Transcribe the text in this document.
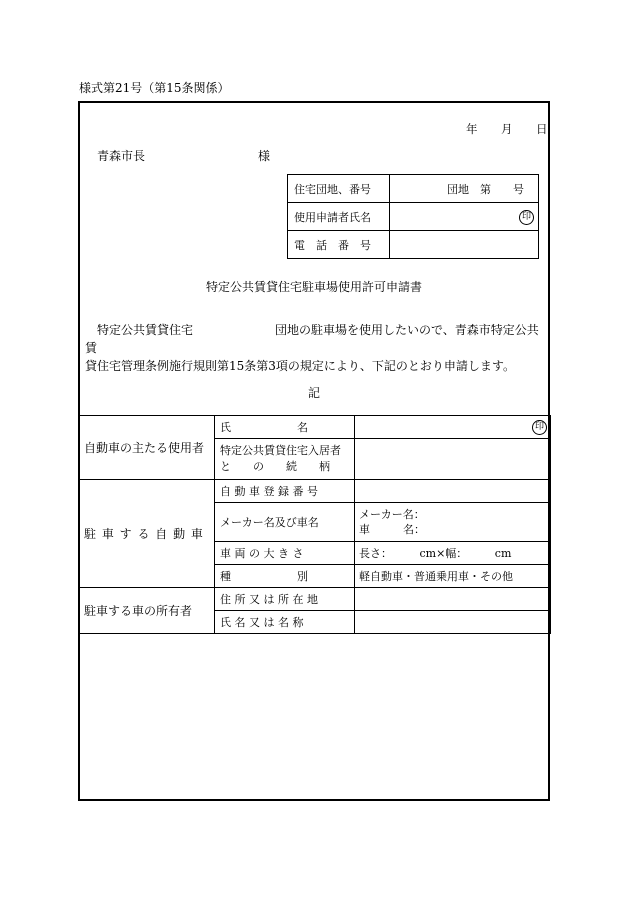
様式第21号（第15条関係）
年 月 日
青森市長	様
住宅団地、番号	団地　第　　号
使用申請者氏名	印
電　話　番　号	
特定公共賃貸住宅駐車場使用許可申請書
特定公共賃貸住宅	団地の駐車場を使用したいので、青森市特定公共賃
貸住宅管理条例施行規則第15条第3項の規定により、下記のとおり申請します。
記
自動車の主たる使用者	氏　　　　　　名	印

	特定公共賃貸住宅入居者
と　　の　　続　　柄	

駐 車 す る 自 動 車	自 動 車 登 録 番 号	
	メーカー名及び車名	メーカー名：
車　　　名：

	車 両 の 大 き さ	長さ：　　　cm×幅：　　　cm
	種　　　　　　別	軽自動車・普通乗用車・その他
駐車する車の所有者	住 所 又 は 所 在 地	
	氏 名 又 は 名 称	
